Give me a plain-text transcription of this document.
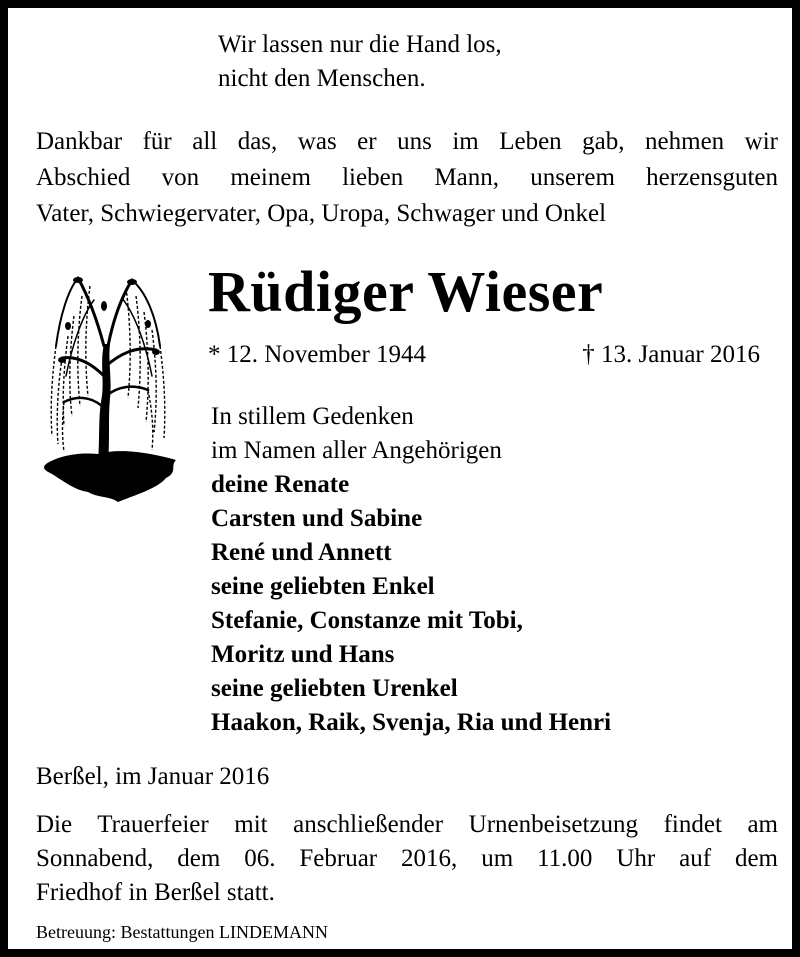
Wir lassen nur die Hand los,
nicht den Menschen.
Dankbar für all das, was er uns im Leben gab, nehmen wir
Abschied von meinem lieben Mann, unserem herzensguten
Vater, Schwiegervater, Opa, Uropa, Schwager und Onkel
Rüdiger Wieser
* 12. November 1944	† 13. Januar 2016
In stillem Gedenken
im Namen aller Angehörigen
deine Renate
Carsten und Sabine
René und Annett
seine geliebten Enkel
Stefanie, Constanze mit Tobi,
Moritz und Hans
seine geliebten Urenkel
Haakon, Raik, Svenja, Ria und Henri
Berßel, im Januar 2016
Die Trauerfeier mit anschließender Urnenbeisetzung findet am
Sonnabend, dem 06. Februar 2016, um 11.00 Uhr auf dem
Friedhof in Berßel statt.
Betreuung: Bestattungen LINDEMANN
